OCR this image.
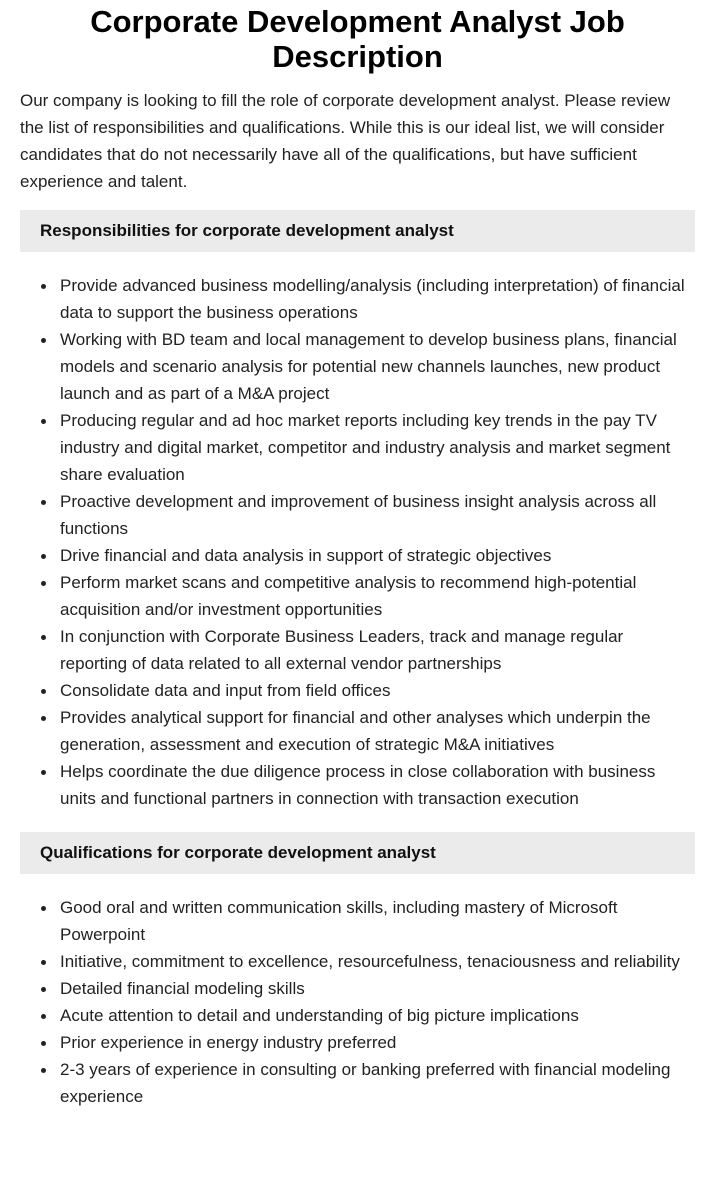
Corporate Development Analyst Job Description

Our company is looking to fill the role of corporate development analyst. Please review the list of responsibilities and qualifications. While this is our ideal list, we will consider candidates that do not necessarily have all of the qualifications, but have sufficient experience and talent.

Responsibilities for corporate development analyst
Provide advanced business modelling/analysis (including interpretation) of financial data to support the business operations
Working with BD team and local management to develop business plans, financial models and scenario analysis for potential new channels launches, new product launch and as part of a M&A project
Producing regular and ad hoc market reports including key trends in the pay TV industry and digital market, competitor and industry analysis and market segment share evaluation
Proactive development and improvement of business insight analysis across all functions
Drive financial and data analysis in support of strategic objectives
Perform market scans and competitive analysis to recommend high-potential acquisition and/or investment opportunities
In conjunction with Corporate Business Leaders, track and manage regular reporting of data related to all external vendor partnerships
Consolidate data and input from field offices
Provides analytical support for financial and other analyses which underpin the generation, assessment and execution of strategic M&A initiatives
Helps coordinate the due diligence process in close collaboration with business units and functional partners in connection with transaction execution
Qualifications for corporate development analyst
Good oral and written communication skills, including mastery of Microsoft Powerpoint
Initiative, commitment to excellence, resourcefulness, tenaciousness and reliability
Detailed financial modeling skills
Acute attention to detail and understanding of big picture implications
Prior experience in energy industry preferred
2-3 years of experience in consulting or banking preferred with financial modeling experience
